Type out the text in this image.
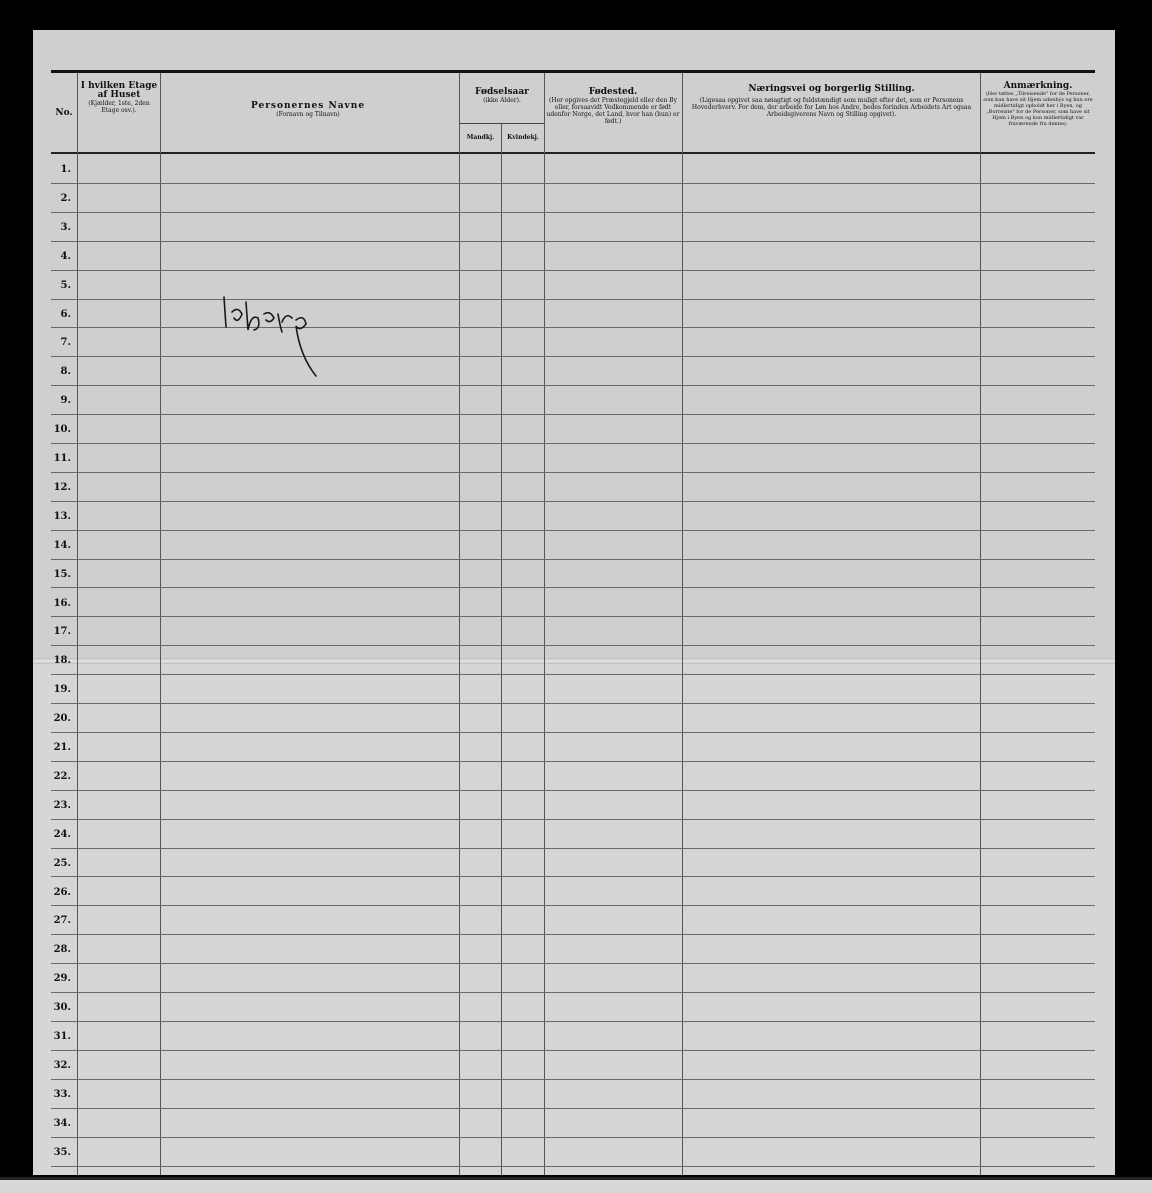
No.
I hvilken Etage af Huset
(Kjælder, 1ste, 2den Etage osv.).	Personernes Navne
(Fornavn og Tilnavn)
Fødselsaar
(ikke Alder).
Mandkj.	Kvindekj.
Fødested.
(Her opgives det Præstegjeld eller den By eller, forsaavidt Vedkommende er født udenfor Norge, det Land, hvor han (hun) er født.)
Næringsvei og borgerlig Stilling.
(Ligesaa opgivet saa nøiagtigt og fuldstændigt som muligt efter det, som er Personens Hovederhverv. For dem, der arbeide for Løn hos Andre, bedes forinden Arbeidets Art ogsaa Arbeidsgiverens Navn og Stilling opgivet).
Anmærkning.
(Her tøttes „Tilreisende" for de Personer, som kun have sit Hjem udenbys og kun ere midlertidigt opholdt her i Byen, og „Borreiste" for de Personer, som have sit Hjem i Byen og kun midlertidigt var fraværende fra denne).
1.
2.
3.
4.
5.
6.
7.
8.
9.
10.
11.
12.
13.
14.
15.
16.
17.
18.
19.
20.
21.
22.
23.
24.
25.
26.
27.
28.
29.
30.
31.
32.
33.
34.
35.
